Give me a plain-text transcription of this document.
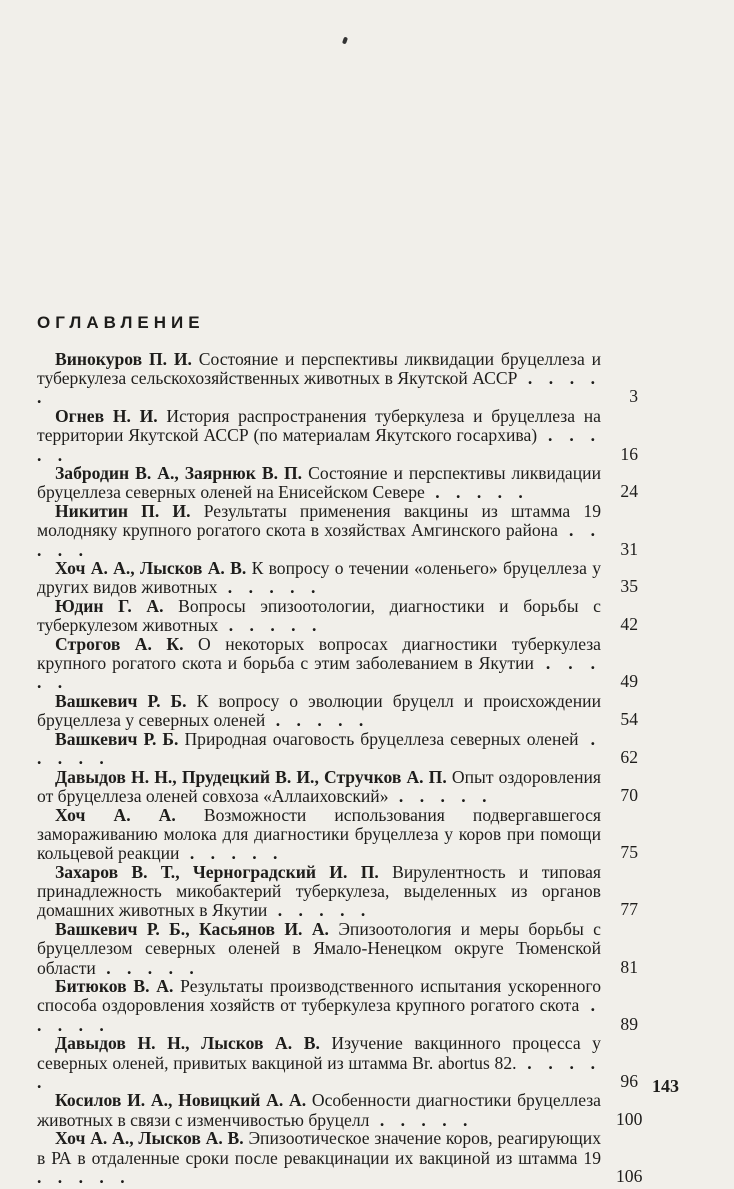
ОГЛАВЛЕНИЕ
Винокуров П. И. Состояние и перспективы ликвидации бруцеллеза и туберкулеза сельскохозяйственных животных в Якутской АССР . . . . .	3
Огнев Н. И. История распространения туберкулеза и бруцеллеза на территории Якутской АССР (по материалам Якутского госархива) . . . . .	16
Забродин В. А., Заярнюк В. П. Состояние и перспективы ликвидации бруцеллеза северных оленей на Енисейском Севере . . . . .	24
Никитин П. И. Результаты применения вакцины из штамма 19 молодняку крупного рогатого скота в хозяйствах Амгинского района . . . . .	31
Хоч А. А., Лысков А. В. К вопросу о течении «оленьего» бруцеллеза у других видов животных . . . . .	35
Юдин Г. А. Вопросы эпизоотологии, диагностики и борьбы с туберкулезом животных . . . . .	42
Строгов А. К. О некоторых вопросах диагностики туберкулеза крупного рогатого скота и борьба с этим заболеванием в Якутии . . . . .	49
Вашкевич Р. Б. К вопросу о эволюции бруцелл и происхождении бруцеллеза у северных оленей . . . . .	54
Вашкевич Р. Б. Природная очаговость бруцеллеза северных оленей . . . . .	62
Давыдов Н. Н., Прудецкий В. И., Стручков А. П. Опыт оздоровления от бруцеллеза оленей совхоза «Аллаиховский» . . . . .	70
Хоч А. А. Возможности использования подвергавшегося замораживанию молока для диагностики бруцеллеза у коров при помощи кольцевой реакции . . . . .	75
Захаров В. Т., Черноградский И. П. Вирулентность и типовая принадлежность микобактерий туберкулеза, выделенных из органов домашних животных в Якутии . . . . .	77
Вашкевич Р. Б., Касьянов И. А. Эпизоотология и меры борьбы с бруцеллезом северных оленей в Ямало-Ненецком округе Тюменской области . . . . .	81
Битюков В. А. Результаты производственного испытания ускоренного способа оздоровления хозяйств от туберкулеза крупного рогатого скота . . . . .	89
Давыдов Н. Н., Лысков А. В. Изучение вакцинного процесса у северных оленей, привитых вакциной из штамма Br. abortus 82. . . . . .	96
Косилов И. А., Новицкий А. А. Особенности диагностики бруцеллеза животных в связи с изменчивостью бруцелл . . . . .	100
Хоч А. А., Лысков А. В. Эпизоотическое значение коров, реагирующих в РА в отдаленные сроки после ревакцинации их вакциной из штамма 19 . . . . .	106
143
